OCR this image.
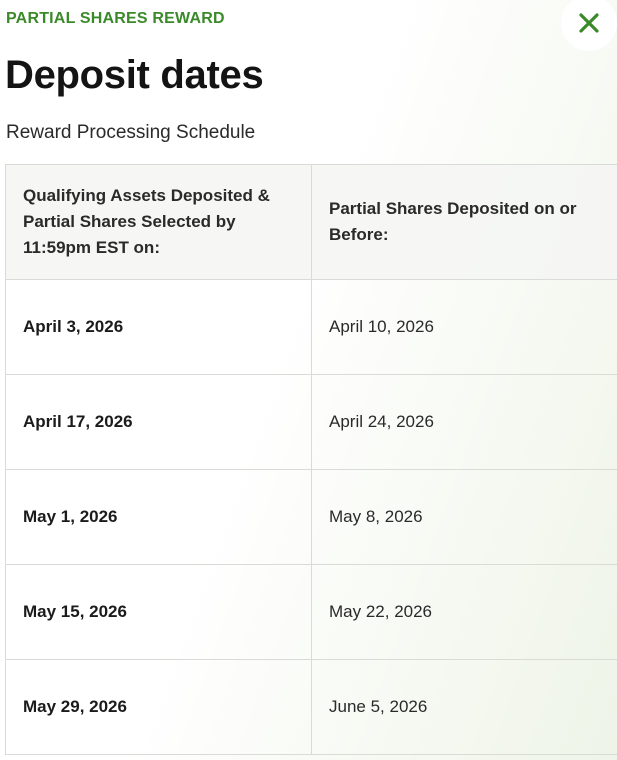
PARTIAL SHARES REWARD
Deposit dates
Reward Processing Schedule
Qualifying Assets Deposited & Partial Shares Selected by 11:59pm EST on:	Partial Shares Deposited on or Before:
April 3, 2026	April 10, 2026
April 17, 2026	April 24, 2026
May 1, 2026	May 8, 2026
May 15, 2026	May 22, 2026
May 29, 2026	June 5, 2026
